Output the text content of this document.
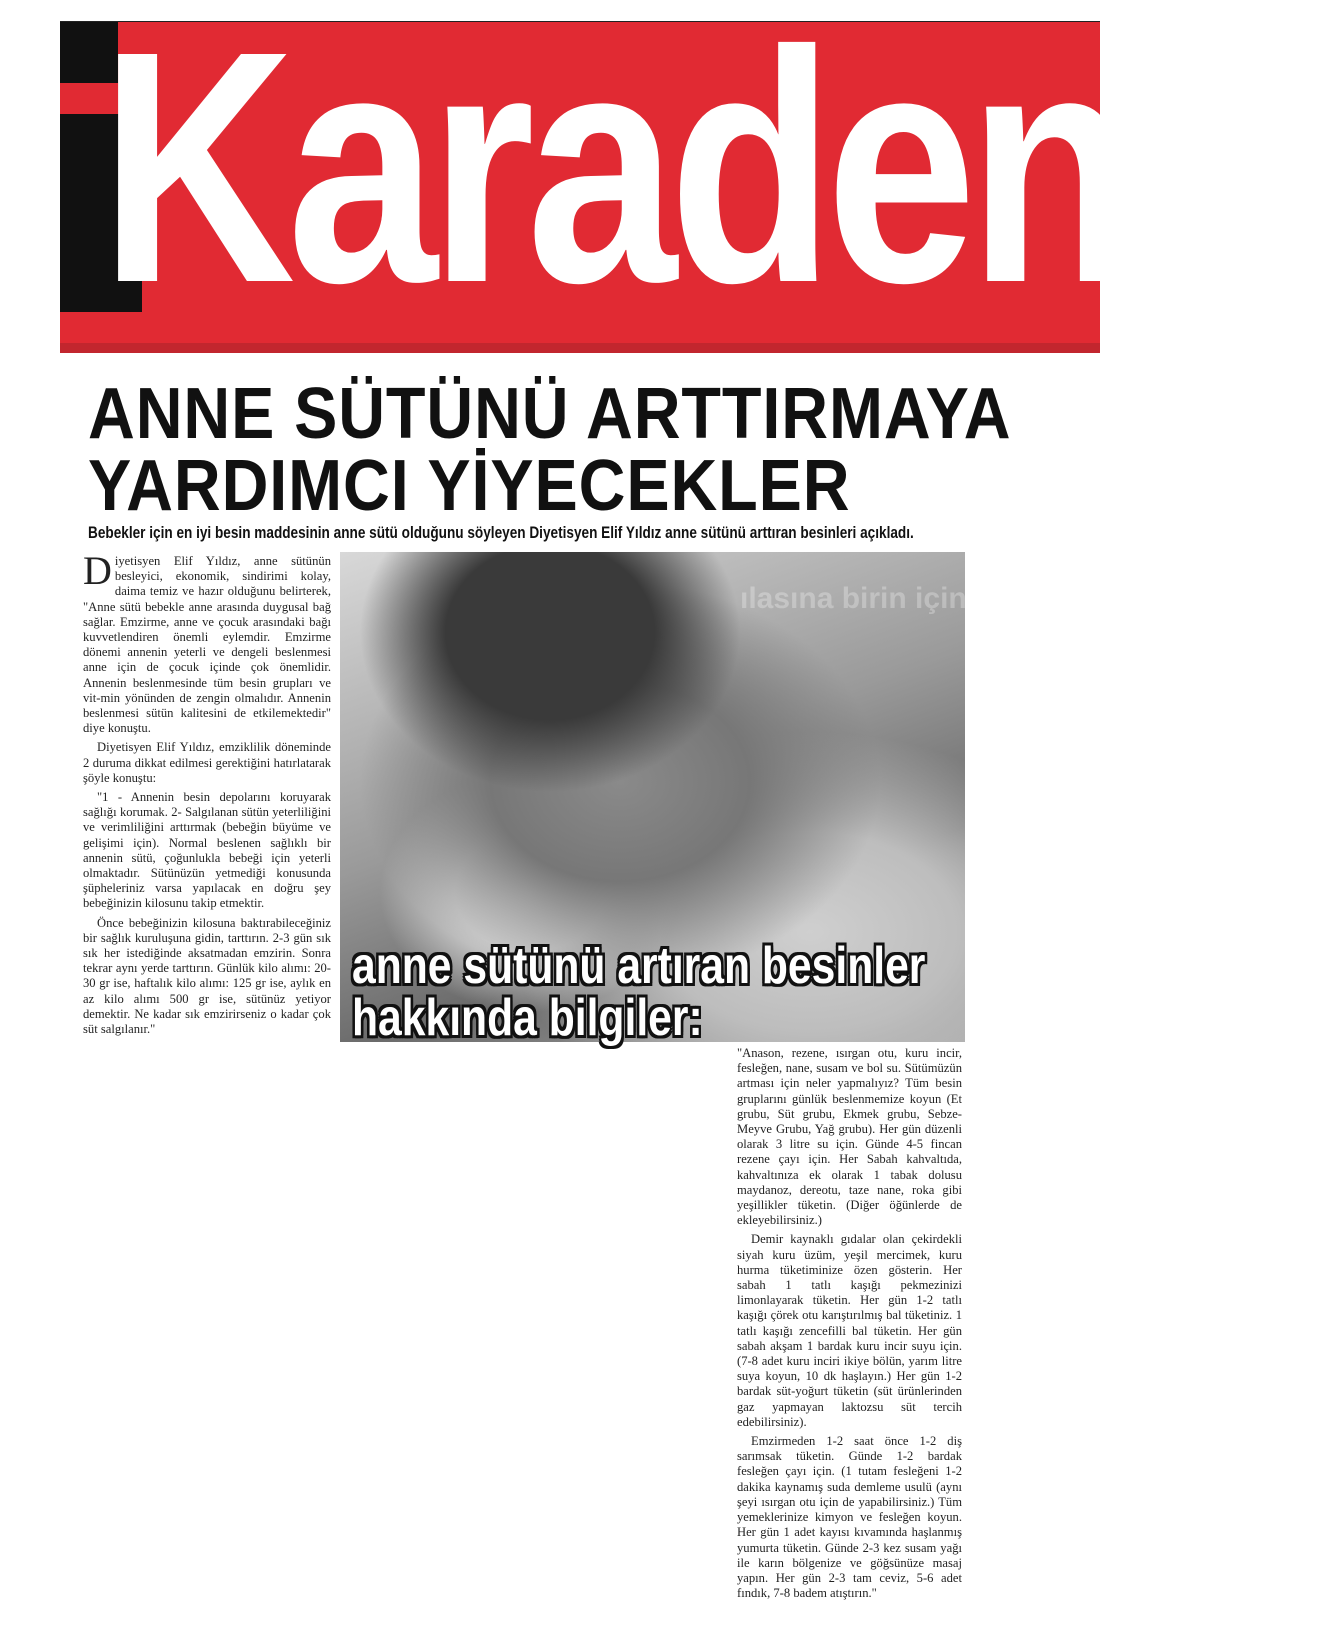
Karadeniz
ANNE SÜTÜNÜ ARTTIRMAYA
YARDIMCI YİYECEKLER

Bebekler için en iyi besin maddesinin anne sütü olduğunu söyleyen Diyetisyen Elif Yıldız anne sütünü arttıran besinleri açıkladı.

Diyetisyen Elif Yıldız, anne sütünün besleyici, ekonomik, sindirimi kolay, daima temiz ve hazır olduğunu belirterek, "Anne sütü bebekle anne arasında duygusal bağ sağlar. Emzirme, anne ve çocuk arasındaki bağı kuvvetlendiren önemli eylemdir. Emzirme dönemi annenin yeterli ve dengeli beslenmesi anne için de çocuk içinde çok önemlidir. Annenin beslenmesinde tüm besin grupları ve vit-min yönünden de zengin olmalıdır. Annenin beslenmesi sütün kalitesini de etkilemektedir" diye konuştu.

Diyetisyen Elif Yıldız, emziklilik döneminde 2 duruma dikkat edilmesi gerektiğini hatırlatarak şöyle konuştu:

"1 - Annenin besin depolarını koruyarak sağlığı korumak. 2- Salgılanan sütün yeterliliğini ve verimliliğini arttırmak (bebeğin büyüme ve gelişimi için). Normal beslenen sağlıklı bir annenin sütü, çoğunlukla bebeği için yeterli olmaktadır. Sütünüzün yetmediği konusunda şüpheleriniz varsa yapılacak en doğru şey bebeğinizin kilosunu takip etmektir.

Önce bebeğinizin kilosuna baktırabileceğiniz bir sağlık kuruluşuna gidin, tarttırın. 2-3 gün sık sık her istediğinde aksatmadan emzirin. Sonra tekrar aynı yerde tarttırın. Günlük kilo alımı: 20-30 gr ise, haftalık kilo alımı: 125 gr ise, aylık en az kilo alımı 500 gr ise, sütünüz yetiyor demektir. Ne kadar sık emzirirseniz o kadar çok süt salgılanır."

ılasına birin için
anne sütünü artıran besinler
hakkında bilgiler:

"Anason, rezene, ısırgan otu, kuru incir, fesleğen, nane, susam ve bol su. Sütümüzün artması için neler yapmalıyız? Tüm besin gruplarını günlük beslenmemize koyun (Et grubu, Süt grubu, Ekmek grubu, Sebze-Meyve Grubu, Yağ grubu). Her gün düzenli olarak 3 litre su için. Günde 4-5 fincan rezene çayı için. Her Sabah kahvaltıda, kahvaltınıza ek olarak 1 tabak dolusu maydanoz, dereotu, taze nane, roka gibi yeşillikler tüketin. (Diğer öğünlerde de ekleyebilirsiniz.)

Demir kaynaklı gıdalar olan çekirdekli siyah kuru üzüm, yeşil mercimek, kuru hurma tüketiminize özen gösterin. Her sabah 1 tatlı kaşığı pekmezinizi limonlayarak tüketin. Her gün 1-2 tatlı kaşığı çörek otu karıştırılmış bal tüketiniz. 1 tatlı kaşığı zencefilli bal tüketin. Her gün sabah akşam 1 bardak kuru incir suyu için. (7-8 adet kuru inciri ikiye bölün, yarım litre suya koyun, 10 dk haşlayın.) Her gün 1-2 bardak süt-yoğurt tüketin (süt ürünlerinden gaz yapmayan laktozsu süt tercih edebilirsiniz).

Emzirmeden 1-2 saat önce 1-2 diş sarımsak tüketin. Günde 1-2 bardak fesleğen çayı için. (1 tutam fesleğeni 1-2 dakika kaynamış suda demleme usulü (aynı şeyi ısırgan otu için de yapabilirsiniz.) Tüm yemeklerinize kimyon ve fesleğen koyun. Her gün 1 adet kayısı kıvamında haşlanmış yumurta tüketin. Günde 2-3 kez susam yağı ile karın bölgenize ve göğsünüze masaj yapın. Her gün 2-3 tam ceviz, 5-6 adet fındık, 7-8 badem atıştırın."
